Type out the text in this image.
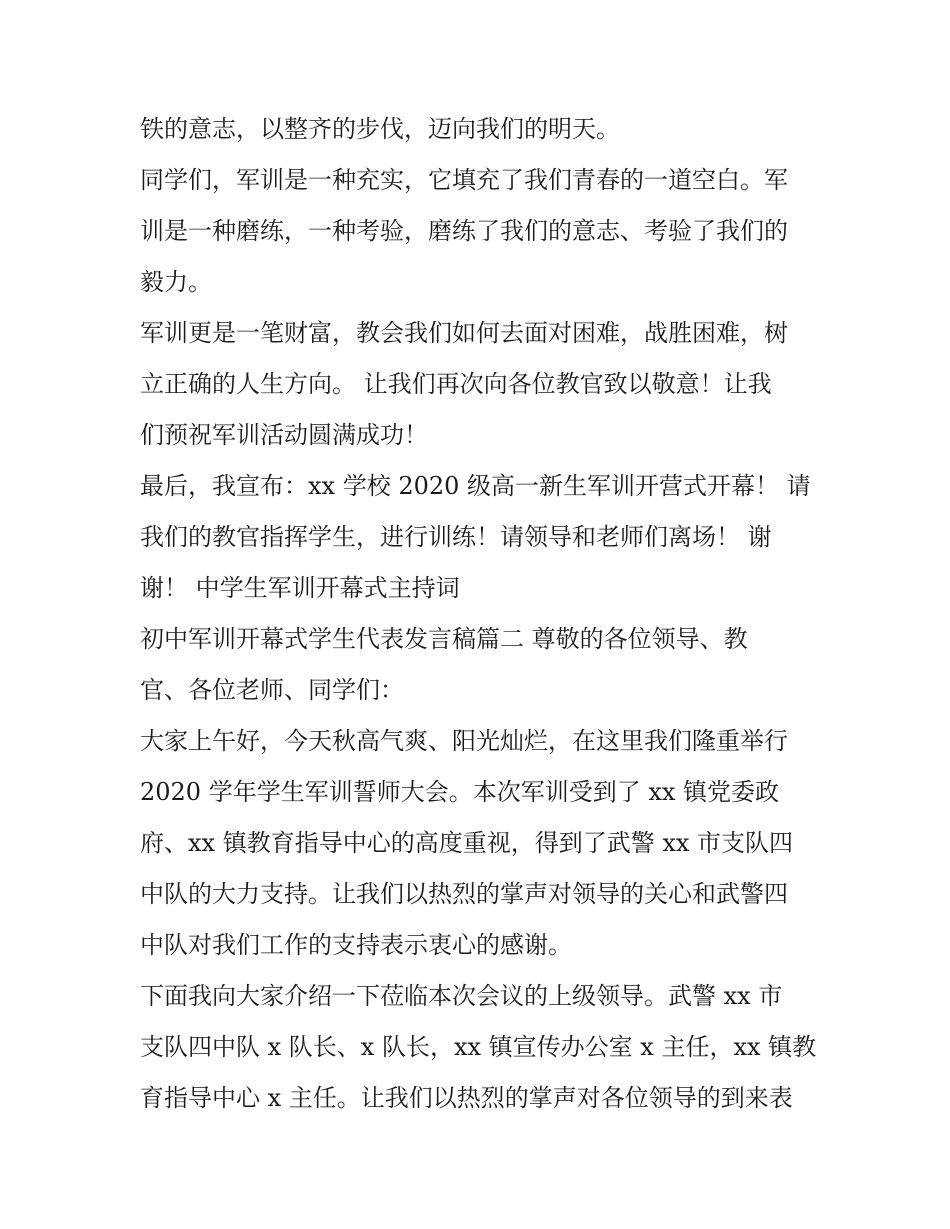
铁的意志，以整齐的步伐，迈向我们的明天。
同学们，军训是一种充实，它填充了我们青春的一道空白。军
训是一种磨练，一种考验，磨练了我们的意志、考验了我们的
毅力。
军训更是一笔财富，教会我们如何去面对困难，战胜困难，树
立正确的人生方向。 让我们再次向各位教官致以敬意！让我
们预祝军训活动圆满成功！
最后，我宣布：xx 学校 2020 级高一新生军训开营式开幕！ 请
我们的教官指挥学生，进行训练！请领导和老师们离场！ 谢
谢！ 中学生军训开幕式主持词
初中军训开幕式学生代表发言稿篇二 尊敬的各位领导、教
官、各位老师、同学们：
大家上午好，今天秋高气爽、阳光灿烂，在这里我们隆重举行
2020 学年学生军训誓师大会。本次军训受到了 xx 镇党委政
府、xx 镇教育指导中心的高度重视，得到了武警 xx 市支队四
中队的大力支持。让我们以热烈的掌声对领导的关心和武警四
中队对我们工作的支持表示衷心的感谢。
下面我向大家介绍一下莅临本次会议的上级领导。武警 xx 市
支队四中队 x 队长、x 队长，xx 镇宣传办公室 x 主任，xx 镇教
育指导中心 x 主任。让我们以热烈的掌声对各位领导的到来表
